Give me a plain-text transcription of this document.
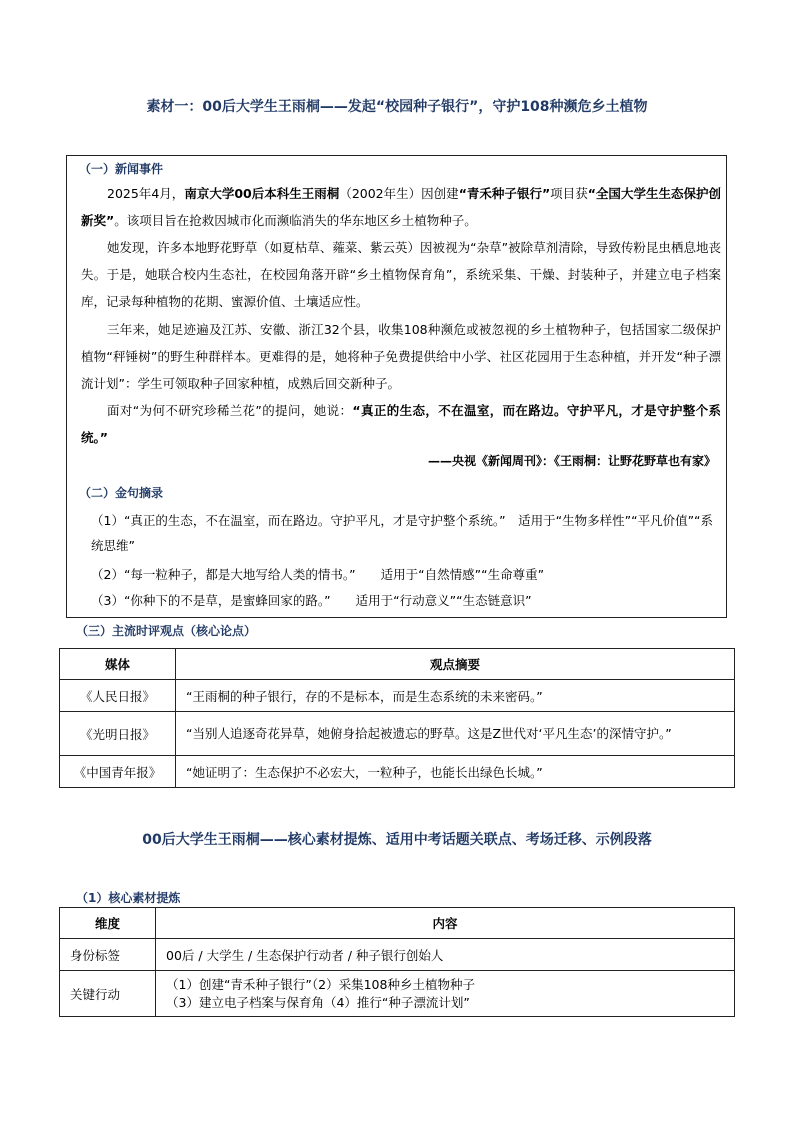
素材一：00后大学生王雨桐——发起“校园种子银行”，守护108种濒危乡土植物
（一）新闻事件

2025年4月，南京大学00后本科生王雨桐（2002年生）因创建“青禾种子银行”项目获“全国大学生生态保护创新奖”。该项目旨在抢救因城市化而濒临消失的华东地区乡土植物种子。

她发现，许多本地野花野草（如夏枯草、蕹菜、紫云英）因被视为“杂草”被除草剂清除，导致传粉昆虫栖息地丧失。于是，她联合校内生态社，在校园角落开辟“乡土植物保育角”，系统采集、干燥、封装种子，并建立电子档案库，记录每种植物的花期、蜜源价值、土壤适应性。

三年来，她足迹遍及江苏、安徽、浙江32个县，收集108种濒危或被忽视的乡土植物种子，包括国家二级保护植物“秤锤树”的野生种群样本。更难得的是，她将种子免费提供给中小学、社区花园用于生态种植，并开发“种子漂流计划”：学生可领取种子回家种植，成熟后回交新种子。

面对“为何不研究珍稀兰花”的提问，她说：“真正的生态，不在温室，而在路边。守护平凡，才是守护整个系统。”

——央视《新闻周刊》：《王雨桐：让野花野草也有家》
（二）金句摘录
（1）“真正的生态，不在温室，而在路边。守护平凡，才是守护整个系统。”　适用于“生物多样性”“平凡价值”“系统思维”
（2）“每一粒种子，都是大地写给人类的情书。”　　适用于“自然情感”“生命尊重”
（3）“你种下的不是草，是蜜蜂回家的路。”　　适用于“行动意义”“生态链意识”
（三）主流时评观点（核心论点）
媒体	观点摘要
《人民日报》	“王雨桐的种子银行，存的不是标本，而是生态系统的未来密码。”
《光明日报》	“当别人追逐奇花异草，她俯身拾起被遗忘的野草。这是Z世代对‘平凡生态’的深情守护。”
《中国青年报》	“她证明了：生态保护不必宏大，一粒种子，也能长出绿色长城。”
00后大学生王雨桐——核心素材提炼、适用中考话题关联点、考场迁移、示例段落
（1）核心素材提炼
维度	内容
身份标签	00后 / 大学生 / 生态保护行动者 / 种子银行创始人
关键行动	（1）创建“青禾种子银行”（2）采集108种乡土植物种子
（3）建立电子档案与保育角（4）推行“种子漂流计划”
